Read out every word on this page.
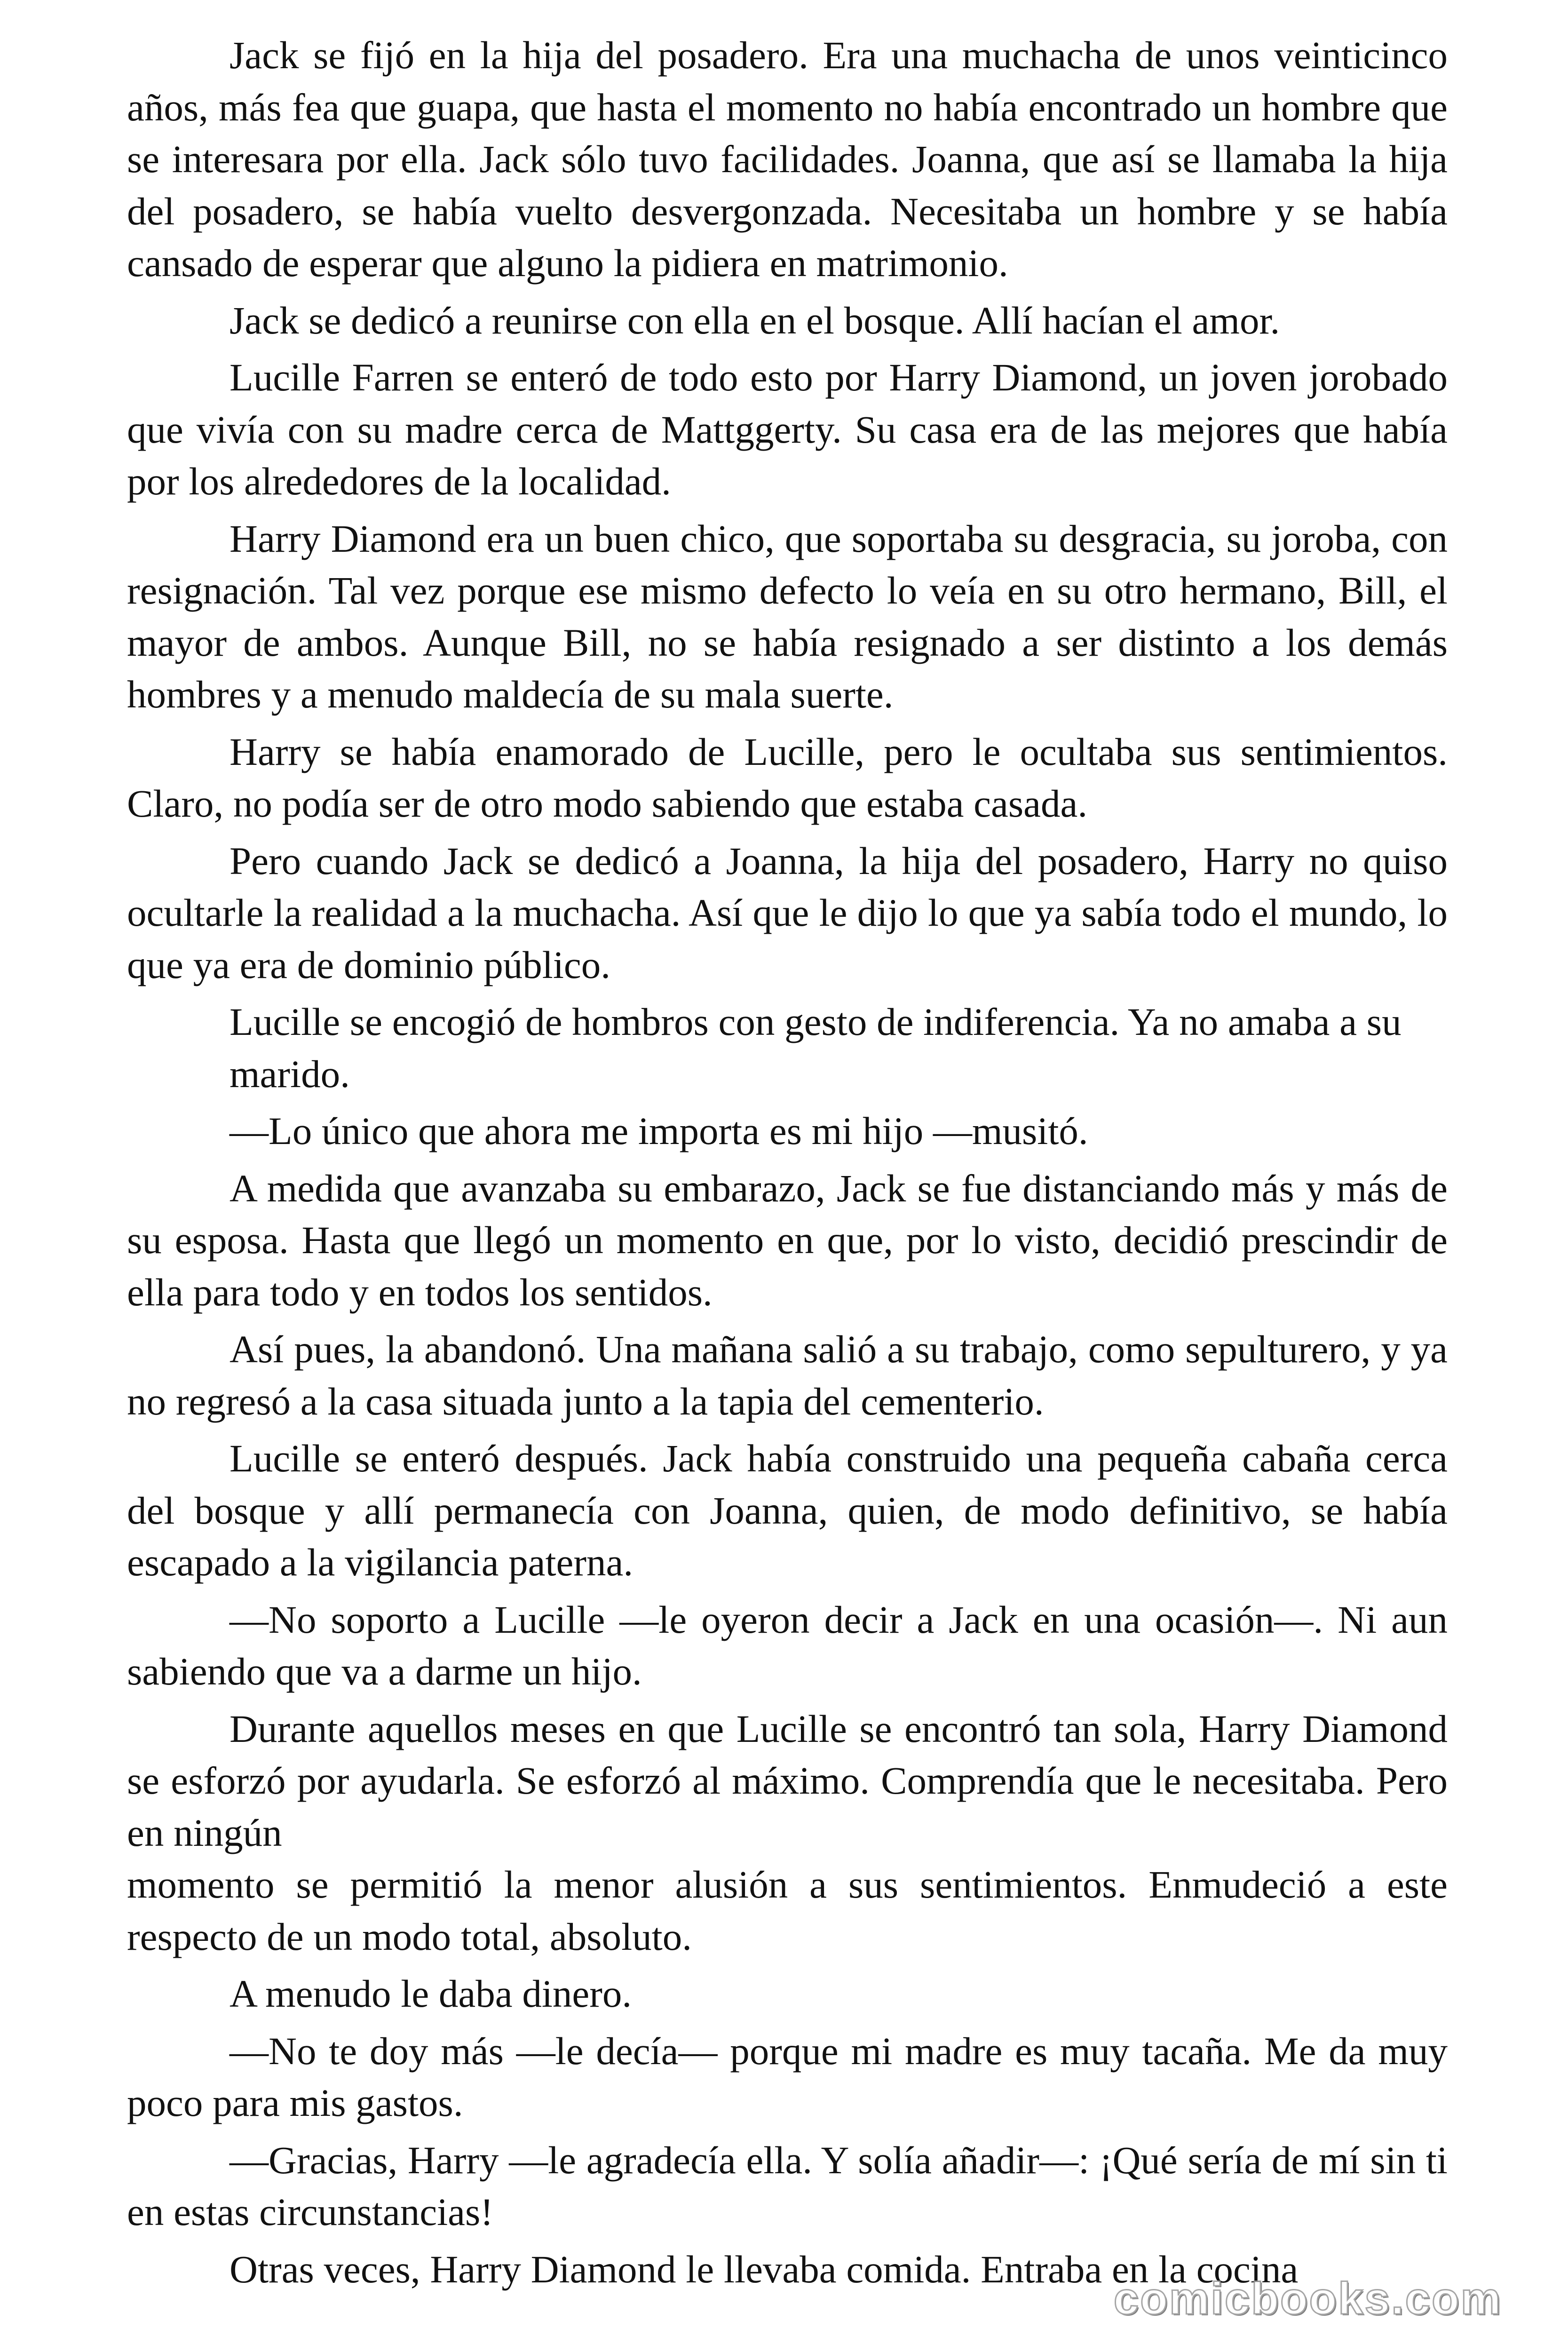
Jack se fijó en la hija del posadero. Era una muchacha de unos veinticinco años, más fea que guapa, que hasta el momento no había encontrado un hombre que se interesara por ella. Jack sólo tuvo facilidades. Joanna, que así se llamaba la hija del posadero, se había vuelto desvergonzada. Necesitaba un hombre y se había cansado de esperar que alguno la pidiera en matrimonio.

Jack se dedicó a reunirse con ella en el bosque. Allí hacían el amor.

Lucille Farren se enteró de todo esto por Harry Diamond, un joven jorobado que vivía con su madre cerca de Mattggerty. Su casa era de las mejores que había por los alrededores de la localidad.

Harry Diamond era un buen chico, que soportaba su desgracia, su joroba, con resignación. Tal vez porque ese mismo defecto lo veía en su otro hermano, Bill, el mayor de ambos. Aunque Bill, no se había resignado a ser distinto a los demás hombres y a menudo maldecía de su mala suerte.

Harry se había enamorado de Lucille, pero le ocultaba sus sentimientos. Claro, no podía ser de otro modo sabiendo que estaba casada.

Pero cuando Jack se dedicó a Joanna, la hija del posadero, Harry no quiso ocultarle la realidad a la muchacha. Así que le dijo lo que ya sabía todo el mundo, lo que ya era de dominio público.

Lucille se encogió de hombros con gesto de indiferencia. Ya no amaba a su marido.

—Lo único que ahora me importa es mi hijo —musitó.

A medida que avanzaba su embarazo, Jack se fue distanciando más y más de su esposa. Hasta que llegó un momento en que, por lo visto, decidió prescindir de ella para todo y en todos los sentidos.

Así pues, la abandonó. Una mañana salió a su trabajo, como sepulturero, y ya no regresó a la casa situada junto a la tapia del cementerio.

Lucille se enteró después. Jack había construido una pequeña cabaña cerca del bosque y allí permanecía con Joanna, quien, de modo definitivo, se había escapado a la vigilancia paterna.

—No soporto a Lucille —le oyeron decir a Jack en una ocasión—. Ni aun sabiendo que va a darme un hijo.

Durante aquellos meses en que Lucille se encontró tan sola, Harry Diamond se esforzó por ayudarla. Se esforzó al máximo. Comprendía que le necesitaba. Pero en ningún

momento se permitió la menor alusión a sus sentimientos. Enmudeció a este respecto de un modo total, absoluto.

A menudo le daba dinero.

—No te doy más —le decía— porque mi madre es muy tacaña. Me da muy poco para mis gastos.

—Gracias, Harry —le agradecía ella. Y solía añadir—: ¡Qué sería de mí sin ti en estas circunstancias!

Otras veces, Harry Diamond le llevaba comida. Entraba en la cocina

comicbooks.com
